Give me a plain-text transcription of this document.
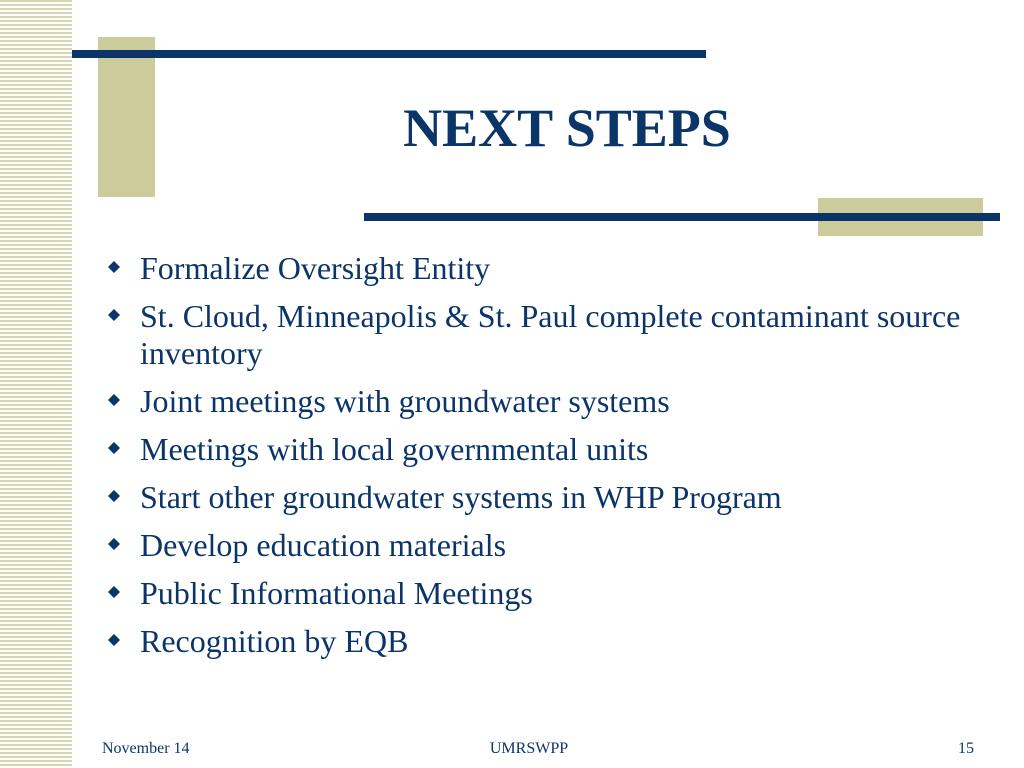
NEXT STEPS
Formalize Oversight Entity
St. Cloud, Minneapolis & St. Paul complete contaminant source inventory
Joint meetings with groundwater systems
Meetings with local governmental units
Start other groundwater systems in WHP Program
Develop education materials
Public Informational Meetings
Recognition by EQB
November 14	UMRSWPP	15
